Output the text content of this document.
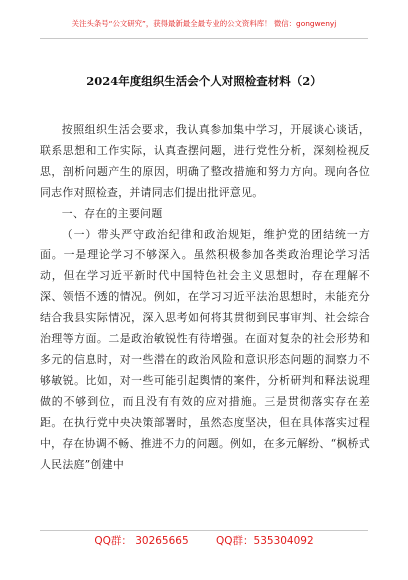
关注头条号“公文研究”，获得最新最全最专业的公文资料库！ 微信：gongwenyj
2024年度组织生活会个人对照检查材料（2）

按照组织生活会要求，我认真参加集中学习，开展谈心谈话，联系思想和工作实际，认真查摆问题，进行党性分析，深刻检视反思，剖析问题产生的原因，明确了整改措施和努力方向。现向各位同志作对照检查，并请同志们提出批评意见。

一、存在的主要问题

（一）带头严守政治纪律和政治规矩，维护党的团结统一方面。一是理论学习不够深入。虽然积极参加各类政治理论学习活动，但在学习近平新时代中国特色社会主义思想时，存在理解不深、领悟不透的情况。例如，在学习习近平法治思想时，未能充分结合我县实际情况，深入思考如何将其贯彻到民事审判、社会综合治理等方面。二是政治敏锐性有待增强。在面对复杂的社会形势和多元的信息时，对一些潜在的政治风险和意识形态问题的洞察力不够敏锐。比如，对一些可能引起舆情的案件，分析研判和释法说理做的不够到位，而且没有有效的应对措施。三是贯彻落实存在差距。在执行党中央决策部署时，虽然态度坚决，但在具体落实过程中，存在协调不畅、推进不力的问题。例如，在多元解纷、“枫桥式人民法庭”创建中

QQ群： 30265665	QQ群：535304092
